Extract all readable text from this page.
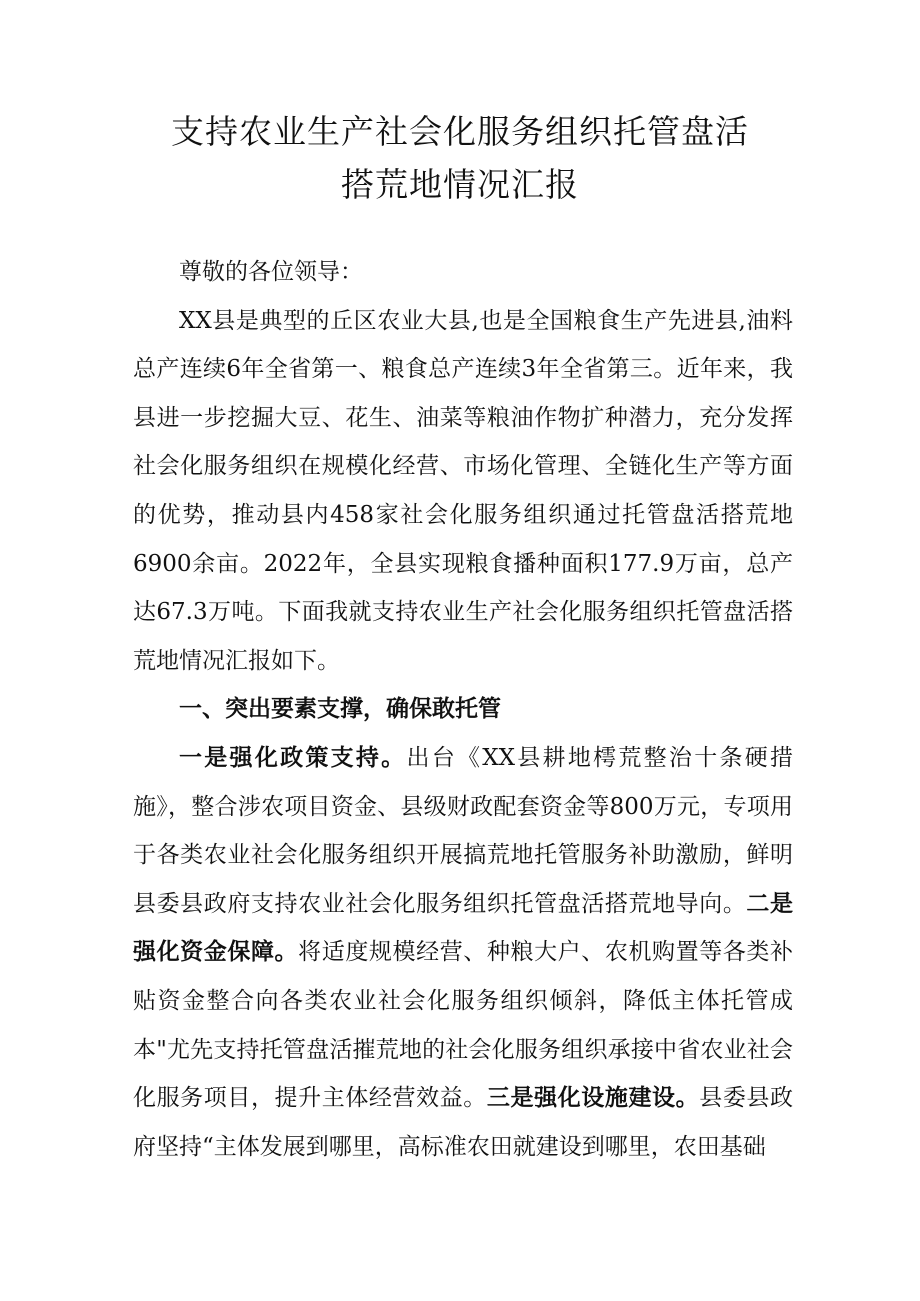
支持农业生产社会化服务组织托管盘活
搭荒地情况汇报

尊敬的各位领导：

XX县是典型的丘区农业大县,也是全国粮食生产先进县,油料总产连续6年全省第一、粮食总产连续3年全省第三。近年来，我县进一步挖掘大豆、花生、油菜等粮油作物扩种潜力，充分发挥社会化服务组织在规模化经营、市场化管理、全链化生产等方面的优势，推动县内458家社会化服务组织通过托管盘活搭荒地6900余亩。2022年，全县实现粮食播种面积177.9万亩，总产达67.3万吨。下面我就支持农业生产社会化服务组织托管盘活搭荒地情况汇报如下。

一、突出要素支撑，确保敢托管

一是强化政策支持。出台《XX县耕地樗荒整治十条硬措施》，整合涉农项目资金、县级财政配套资金等800万元，专项用于各类农业社会化服务组织开展搞荒地托管服务补助激励，鲜明县委县政府支持农业社会化服务组织托管盘活搭荒地导向。二是强化资金保障。将适度规模经营、种粮大户、农机购置等各类补贴资金整合向各类农业社会化服务组织倾斜，降低主体托管成本"尤先支持托管盘活摧荒地的社会化服务组织承接中省农业社会化服务项目，提升主体经营效益。三是强化设施建设。县委县政府坚持“主体发展到哪里，高标准农田就建设到哪里，农田基础
